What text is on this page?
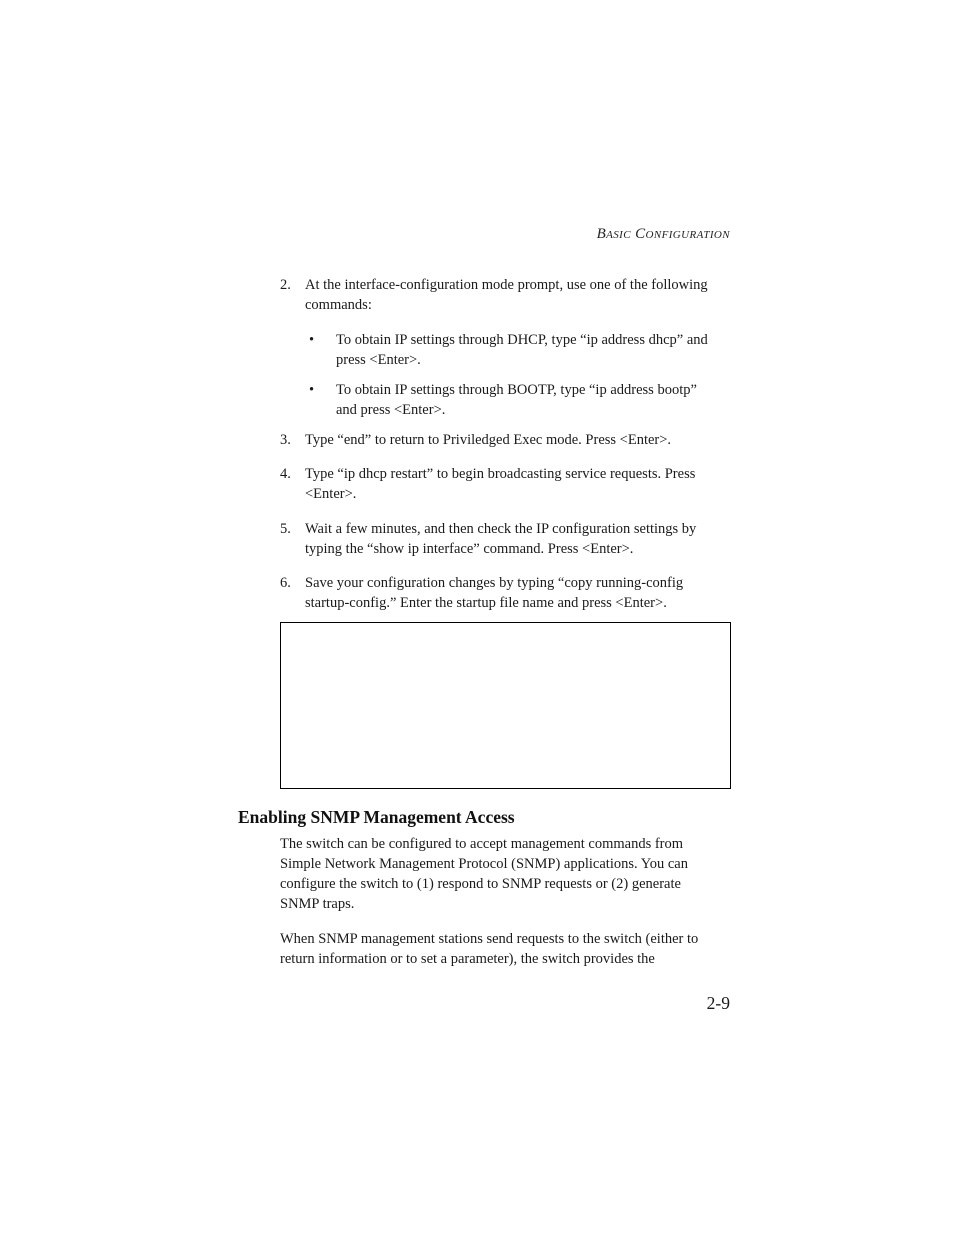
BASIC CONFIGURATION
2. At the interface-configuration mode prompt, use one of the following
commands:
• To obtain IP settings through DHCP, type “ip address dhcp” and
press <Enter>.
• To obtain IP settings through BOOTP, type “ip address bootp”
and press <Enter>.
3. Type “end” to return to Priviledged Exec mode. Press <Enter>.
4. Type “ip dhcp restart” to begin broadcasting service requests. Press
<Enter>.
5. Wait a few minutes, and then check the IP configuration settings by
typing the “show ip interface” command. Press <Enter>.
6. Save your configuration changes by typing “copy running-config
startup-config.” Enter the startup file name and press <Enter>.
Enabling SNMP Management Access
The switch can be configured to accept management commands from
Simple Network Management Protocol (SNMP) applications. You can
configure the switch to (1) respond to SNMP requests or (2) generate
SNMP traps.
When SNMP management stations send requests to the switch (either to
return information or to set a parameter), the switch provides the
2-9
